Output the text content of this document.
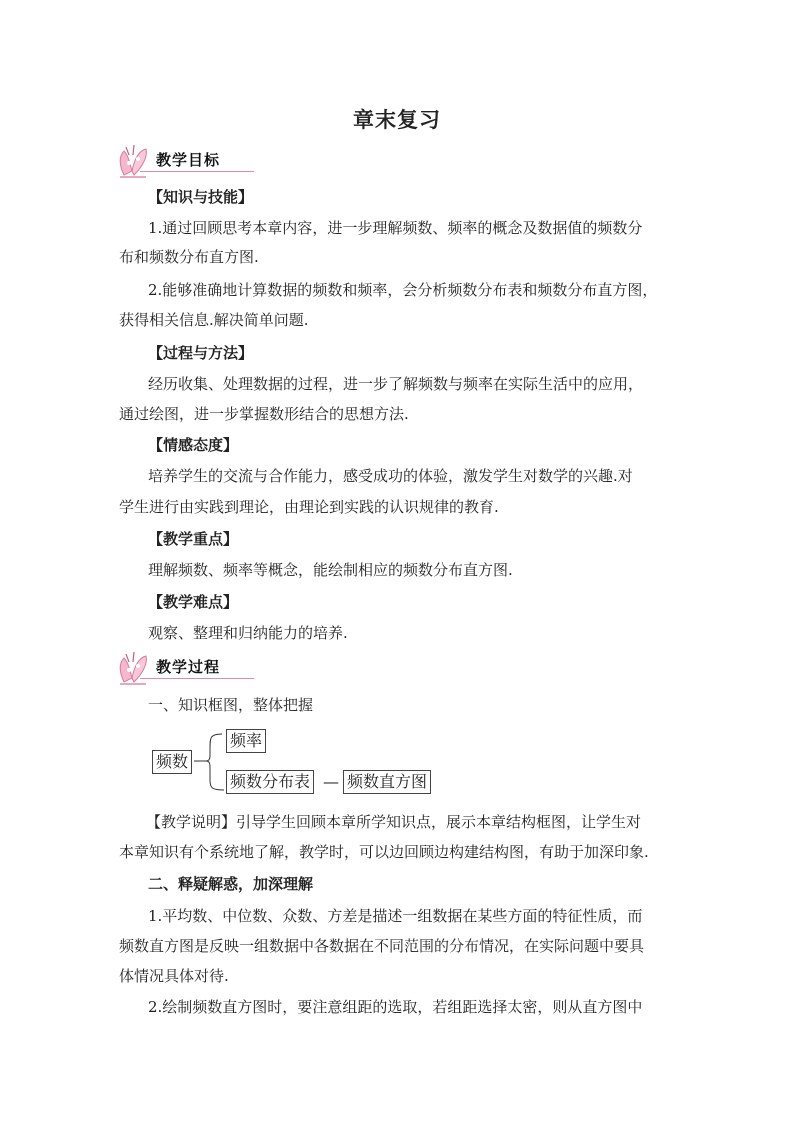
章末复习
教学目标
【知识与技能】
1.通过回顾思考本章内容，进一步理解频数、频率的概念及数据值的频数分
布和频数分布直方图.
2.能够准确地计算数据的频数和频率，会分析频数分布表和频数分布直方图，
获得相关信息.解决简单问题.
【过程与方法】
经历收集、处理数据的过程，进一步了解频数与频率在实际生活中的应用，
通过绘图，进一步掌握数形结合的思想方法.
【情感态度】
培养学生的交流与合作能力，感受成功的体验，激发学生对数学的兴趣.对
学生进行由实践到理论，由理论到实践的认识规律的教育.
【教学重点】
理解频数、频率等概念，能绘制相应的频数分布直方图.
【教学难点】
观察、整理和归纳能力的培养.
教学过程
一、知识框图，整体把握
频数
频率
频数分布表 — 频数直方图
【教学说明】引导学生回顾本章所学知识点，展示本章结构框图，让学生对
本章知识有个系统地了解，教学时，可以边回顾边构建结构图，有助于加深印象.
二、释疑解惑，加深理解
1.平均数、中位数、众数、方差是描述一组数据在某些方面的特征性质，而
频数直方图是反映一组数据中各数据在不同范围的分布情况，在实际问题中要具
体情况具体对待.
2.绘制频数直方图时，要注意组距的选取，若组距选择太密，则从直方图中
